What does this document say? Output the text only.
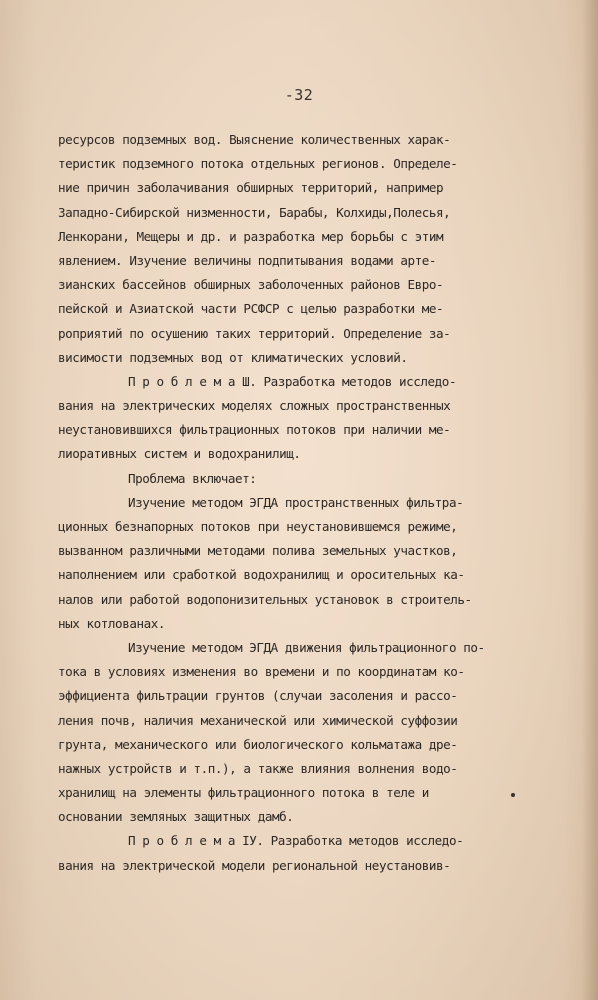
-32
ресурсов подземных вод. Выяснение количественных харак-
теристик подземного потока отдельных регионов. Определе-
ние причин заболачивания обширных территорий, например
Западно-Сибирской низменности, Барабы, Колхиды,Полесья,
Ленкорани, Мещеры и др. и разработка мер борьбы с этим
явлением. Изучение величины подпитывания водами арте-
зианских бассейнов обширных заболоченных районов Евро-
пейской и Азиатской части РСФСР с целью разработки ме-
роприятий по осушению таких территорий. Определение за-
висимости подземных вод от климатических условий.
П р о б л е м а Ш. Разработка методов исследо-
вания на электрических моделях сложных пространственных
неустановившихся фильтрационных потоков при наличии ме-
лиоративных систем и водохранилищ.
Проблема включает:
Изучение методом ЭГДА пространственных фильтра-
ционных безнапорных потоков при неустановившемся режиме,
вызванном различными методами полива земельных участков,
наполнением или сработкой водохранилищ и оросительных ка-
налов или работой водопонизительных установок в строитель-
ных котлованах.
Изучение методом ЭГДА движения фильтрационного по-
тока в условиях изменения во времени и по координатам ко-
эффициента фильтрации грунтов (случаи засоления и рассо-
ления почв, наличия механической или химической суффозии
грунта, механического или биологического кольматажа дре-
нажных устройств и т.п.), а также влияния волнения водо-
хранилищ на элементы фильтрационного потока в теле и
основании земляных защитных дамб.
П р о б л е м а IУ. Разработка методов исследо-
вания на электрической модели региональной неустановив-
